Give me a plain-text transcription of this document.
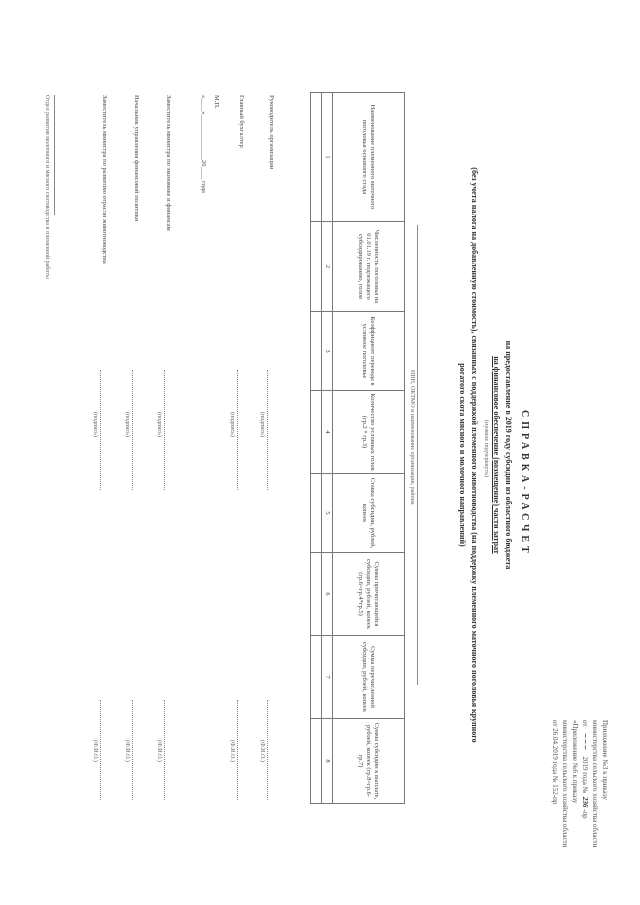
Приложение №3 к приказу
министерства сельского хозяйства области
от   ~~~   2019 года №  236 -пр
«Приложение №6 к приказу
министерства сельского хозяйства области
от 26.04.2019 года № 152-пр
СПРАВКА-РАСЧЕТ
на предоставление в 2019 году субсидии из областного бюджета
на финансовое обеспечение (возмещение) части затрат
(нужное подчеркнуть)
(без учета налога на добавленную стоимость), связанных с поддержкой племенного животноводства (на поддержку племенного маточного поголовья крупного
рогатого скота мясного и молочного направлений)
ИНН, ОКТМО и наименование организации, района
Наименование племенного маточного поголовья основного стада
Численность поголовья на 01.01.19 г. подлежащего субсидированию, голов
Коэффициент перевода в условное поголовье
Количество условных голов (гр.2 * гр.3)
Ставка субсидии, рублей, копеек
Сумма причитающейся субсидии, рублей, копеек (гр.6=гр.4*гр.5)
Сумма перечисленной субсидии, рублей, копеек
Сумма субсидии к выплате, рублей, копеек (гр.8=гр.6-гр.7)
1
2
3
4
5
6
7
8
Руководитель организации
(подпись)
(Ф.И.О.)
Главный бухгалтер
(подпись)
(Ф.И.О.)
М.П.
«____»______________20____ года
Заместитель министра по экономике и финансам
(подпись)
(Ф.И.О.)
Начальник управления финансовой политики
(подпись)
(Ф.И.О.)
Заместитель министра по развитию отрасли животноводства
(подпись)
(Ф.И.О.)
Отдел развития молочного и мясного скотоводства и племенной работы
